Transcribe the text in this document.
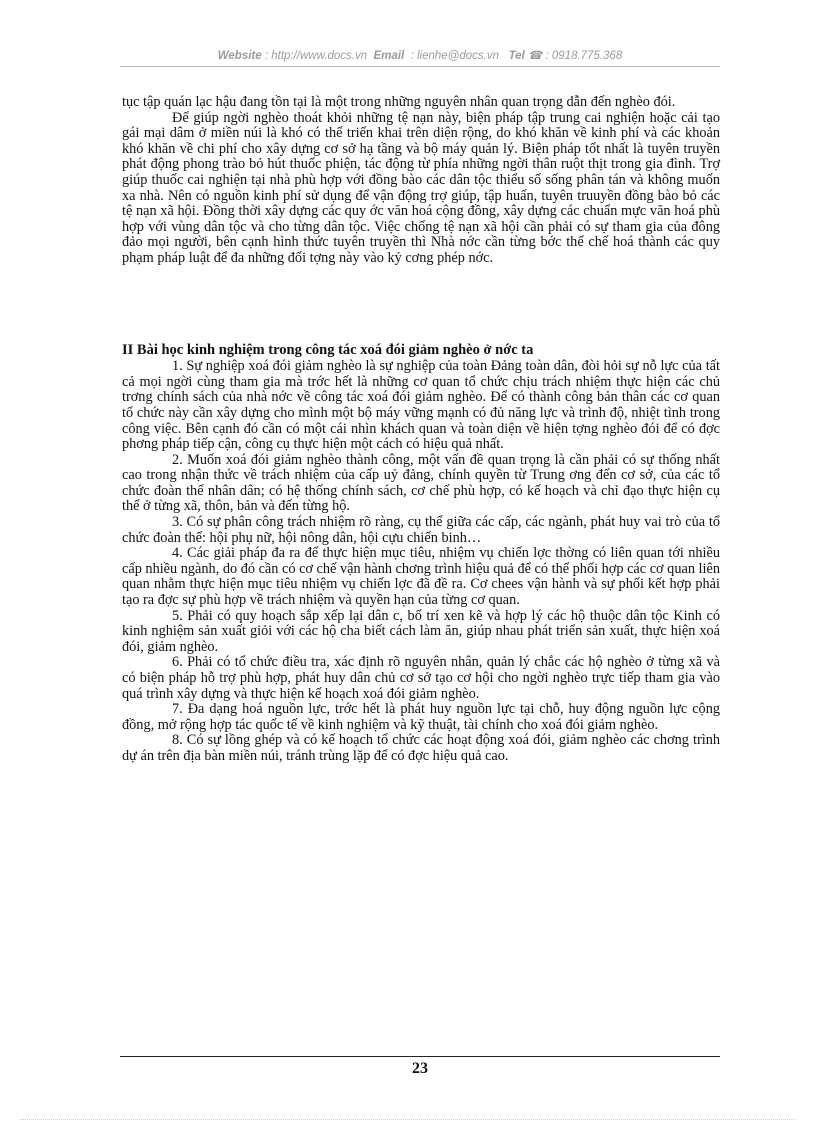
Website : http://www.docs.vn Email : lienhe@docs.vn Tel ☎ : 0918.775.368

tục tập quán lạc hậu đang tồn tại là một trong những nguyên nhân quan trọng dẫn đến nghèo đói.

Để giúp ngời nghèo thoát khỏi những tệ nạn này, biện pháp tập trung cai nghiện hoặc cải tạo gái mại dâm ở miền núi là khó có thể triển khai trên diện rộng, do khó khăn về kinh phí và các khoản khó khăn về chi phí cho xây dựng cơ sở hạ tầng và bộ máy quản lý. Biện pháp tốt nhất là tuyên truyền phát động phong trào bỏ hút thuốc phiện, tác động từ phía những ngời thân ruột thịt trong gia đình. Trợ giúp thuốc cai nghiện tại nhà phù hợp với đồng bào các dân tộc thiểu số sống phân tán và không muốn xa nhà. Nên có nguồn kinh phí sử dụng để vận động trợ giúp, tập huấn, tuyên truuyền đồng bào bỏ các tệ nạn xã hội. Đồng thời xây dựng các quy ớc văn hoá cộng đồng, xây dựng các chuẩn mực văn hoá phù hợp với vùng dân tộc và cho từng dân tộc. Việc chống tệ nạn xã hội cần phải có sự tham gia của đông đảo mọi người, bên cạnh hình thức tuyên truyền thì Nhà nớc cần từng bớc thể chế hoá thành các quy phạm pháp luật để đa những đối tợng này vào kỷ cơng phép nớc.

II Bài học kinh nghiệm trong công tác xoá đói giảm nghèo ở nớc ta

1. Sự nghiệp xoá đói giảm nghèo là sự nghiệp của toàn Đảng toàn dân, đòi hỏi sự nỗ lực của tất cả mọi ngời cùng tham gia mà trớc hết là những cơ quan tổ chức chịu trách nhiệm thực hiện các chủ trơng chính sách của nhà nớc về công tác xoá đói giảm nghèo. Để có thành công bản thân các cơ quan tổ chức này cần xây dựng cho mình một bộ máy vững mạnh có đủ năng lực và trình độ, nhiệt tình trong công việc. Bên cạnh đó cần có một cái nhìn khách quan và toàn diện về hiện tợng nghèo đói để có đợc phơng pháp tiếp cận, công cụ thực hiện một cách có hiệu quả nhất.

2. Muốn xoá đói giảm nghèo thành công, một vấn đề quan trọng là cần phải có sự thống nhất cao trong nhận thức về trách nhiệm của cấp uỷ đảng, chính quyền từ Trung ơng đến cơ sở, của các tổ chức đoàn thể nhân dân; có hệ thống chính sách, cơ chế phù hợp, có kế hoạch và chỉ đạo thực hiện cụ thể ở từng xã, thôn, bản và đến từng hộ.

3. Có sự phân công trách nhiệm rõ ràng, cụ thể giữa các cấp, các ngành, phát huy vai trò của tổ chức đoàn thể: hội phụ nữ, hội nông dân, hội cựu chiến binh…

4. Các giải pháp đa ra để thực hiện mục tiêu, nhiệm vụ chiến lợc thờng có liên quan tới nhiều cấp nhiều ngành, do đó cần có cơ chế vận hành chơng trình hiệu quả để có thể phối hợp các cơ quan liên quan nhằm thực hiện mục tiêu nhiệm vụ chiến lợc đã đề ra. Cơ chees vận hành và sự phối kết hợp phải tạo ra đợc sự phù hợp về trách nhiệm và quyền hạn của từng cơ quan.

5. Phải có quy hoạch sắp xếp lại dân c, bố trí xen kẽ và hợp lý các hộ thuộc dân tộc Kinh có kinh nghiệm sản xuất giỏi với các hộ cha biết cách làm ăn, giúp nhau phát triển sản xuất, thực hiện xoá đói, giảm nghèo.

6. Phải có tổ chức điều tra, xác định rõ nguyên nhân, quản lý chắc các hộ nghèo ở từng xã và có biện pháp hỗ trợ phù hợp, phát huy dân chủ cơ sở tạo cơ hội cho ngời nghèo trực tiếp tham gia vào quá trình xây dựng và thực hiện kế hoạch xoá đói giảm nghèo.

7. Đa dạng hoá nguồn lực, trớc hết là phát huy nguồn lực tại chỗ, huy động nguồn lực cộng đồng, mở rộng hợp tác quốc tế về kinh nghiệm và kỹ thuật, tài chính cho xoá đói giảm nghèo.

8. Có sự lồng ghép và có kế hoạch tổ chức các hoạt động xoá đói, giảm nghèo các chơng trình dự án trên địa bàn miền núi, tránh trùng lặp để có đợc hiệu quả cao.

23
